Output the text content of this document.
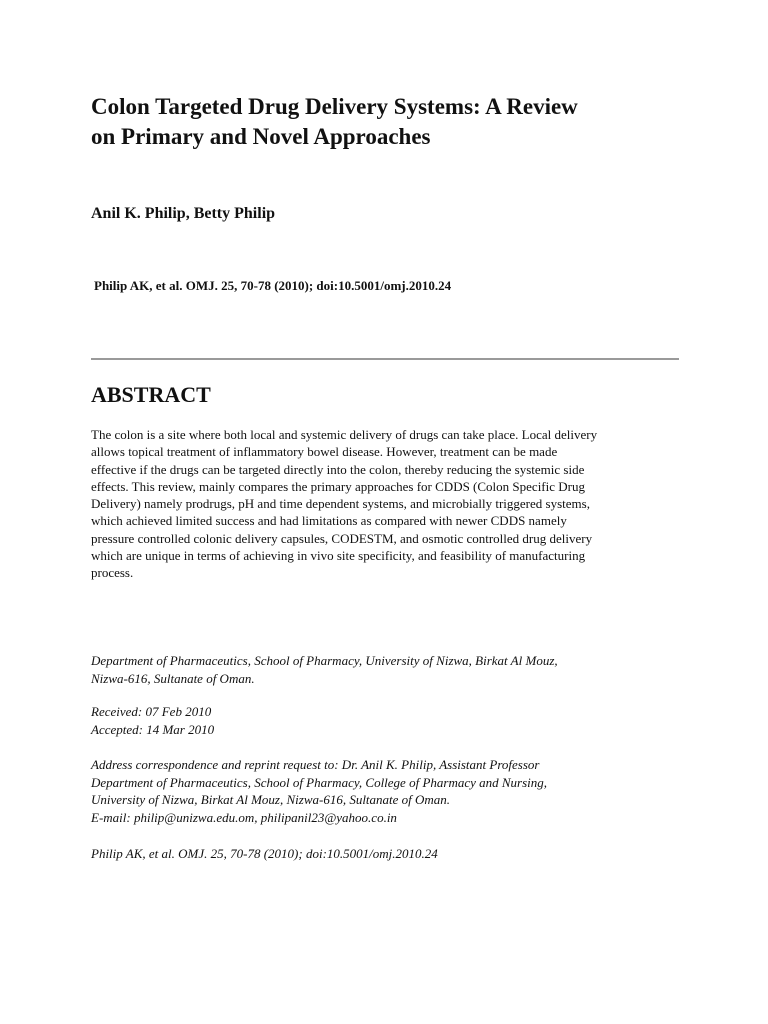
Colon Targeted Drug Delivery Systems: A Review
on Primary and Novel Approaches

Anil K. Philip, Betty Philip

Philip AK, et al. OMJ. 25, 70-78 (2010); doi:10.5001/omj.2010.24

ABSTRACT

The colon is a site where both local and systemic delivery of drugs can take place. Local delivery
allows topical treatment of inflammatory bowel disease. However, treatment can be made
effective if the drugs can be targeted directly into the colon, thereby reducing the systemic side
effects. This review, mainly compares the primary approaches for CDDS (Colon Specific Drug
Delivery) namely prodrugs, pH and time dependent systems, and microbially triggered systems,
which achieved limited success and had limitations as compared with newer CDDS namely
pressure controlled colonic delivery capsules, CODESTM, and osmotic controlled drug delivery
which are unique in terms of achieving in vivo site specificity, and feasibility of manufacturing
process.

Department of Pharmaceutics, School of Pharmacy, University of Nizwa, Birkat Al Mouz,
Nizwa-616, Sultanate of Oman.

Received: 07 Feb 2010
Accepted: 14 Mar 2010

Address correspondence and reprint request to: Dr. Anil K. Philip, Assistant Professor
Department of Pharmaceutics, School of Pharmacy, College of Pharmacy and Nursing,
University of Nizwa, Birkat Al Mouz, Nizwa-616, Sultanate of Oman.
E-mail: philip@unizwa.edu.om, philipanil23@yahoo.co.in

Philip AK, et al. OMJ. 25, 70-78 (2010); doi:10.5001/omj.2010.24
